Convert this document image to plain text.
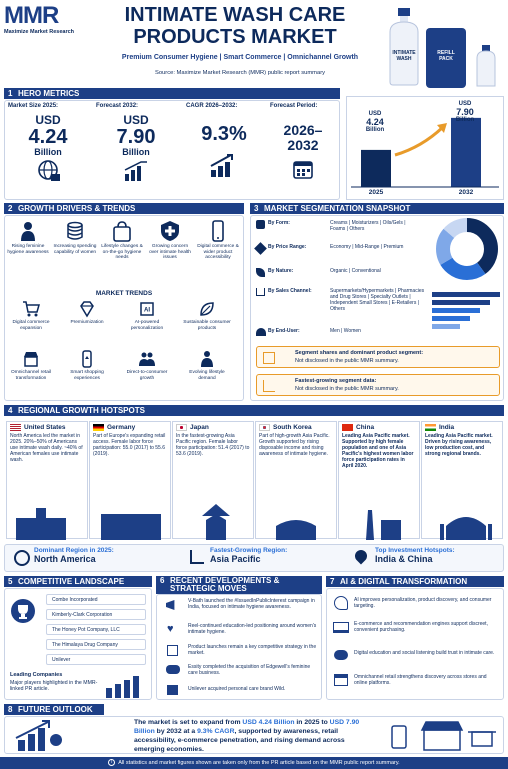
MMR
Maximize Market Research
INTIMATE WASH CARE
PRODUCTS MARKET
Premium Consumer Hygiene | Smart Commerce | Omnichannel Growth
Source: Maximize Market Research (MMR) public report summary
INTIMATE WASH
REFILL PACK
1 HERO METRICS
Market Size 2025:
USD
4.24
Billion
Forecast 2032:
USD
7.90
Billion
CAGR 2026–2032:
9.3%
Forecast Period:
2026–
2032
USD
4.24
Billion
USD
7.90
Billion
2025	2032
2 GROWTH DRIVERS & TRENDS
Rising feminine hygiene awareness
Increasing spending capability of women
Lifestyle changes & on-the-go hygiene needs
Growing concern over intimate health issues
Digital commerce & wider product accessibility
MARKET TRENDS
Digital commerce expansion
Premiumization
AI
AI-powered personalization
Sustainable consumer products
Omnichannel retail transformation
Smart shopping experiences
Direct-to-consumer growth
Evolving lifestyle demand
3 MARKET SEGMENTATION SNAPSHOT
By Form:	Creams | Moisturizers | Oils/Gels | Foams | Others
By Price Range:	Economy | Mid-Range | Premium
By Nature:	Organic | Conventional
By Sales Channel:	Supermarkets/Hypermarkets | Pharmacies and Drug Stores | Specialty Outlets | Independent Small Stores | E-Retailers | Others
By End-User:	Men | Women
Segment shares and dominant product segment:
Not disclosed in the public MMR summary.
Fastest-growing segment data:
Not disclosed in the public MMR summary.
4 REGIONAL GROWTH HOTSPOTS
United States
North America led the market in 2025. 20%–50% of Americans use intimate wash daily. ~40% of American females use intimate wash.
Germany
Part of Europe's expanding retail access. Female labor force participation: 55.0 (2017) to 55.6 (2019).
Japan
In the fastest-growing Asia Pacific region. Female labor force participation: 51.4 (2017) to 53.6 (2019).
South Korea
Part of high-growth Asia Pacific. Growth supported by rising disposable income and rising awareness of intimate hygiene.
China
Leading Asia Pacific market. Supported by high female population and one of Asia Pacific's highest women labor force participation rates in April 2020.
India
Leading Asia Pacific market. Driven by rising awareness, low production cost, and strong regional brands.
Dominant Region in 2025:
North America
Fastest-Growing Region:
Asia Pacific
Top Investment Hotspots:
India & China
5 COMPETITIVE LANDSCAPE
Combe Incorporated
Kimberly-Clark Corporation
The Honey Pot Company, LLC
The Himalaya Drug Company
Unilever
Leading Companies
Major players highlighted in the MMR-linked PR article.
6 RECENT DEVELOPMENTS &
STRATEGIC MOVES
V-Bath launched the #IssuedInPublicInterest campaign in India, focused on intimate hygiene awareness.
♥	Reel-continued education-led positioning around women's intimate hygiene.
Product launches remain a key competitive strategy in the market.
Essity completed the acquisition of Edgewell's feminine care business.
Unilever acquired personal care brand Wild.
7 AI & DIGITAL TRANSFORMATION
AI improves personalization, product discovery, and consumer targeting.
E-commerce and recommendation engines support discreet, convenient purchasing.
Digital education and social listening build trust in intimate care.
Omnichannel retail strengthens discovery across stores and online platforms.
8 FUTURE OUTLOOK
The market is set to expand from USD 4.24 Billion in 2025 to USD 7.90 Billion by 2032 at a 9.3% CAGR, supported by awareness, retail accessibility, e-commerce penetration, and rising demand across emerging economies.
i All statistics and market figures shown are taken only from the PR article based on the MMR public report summary.
